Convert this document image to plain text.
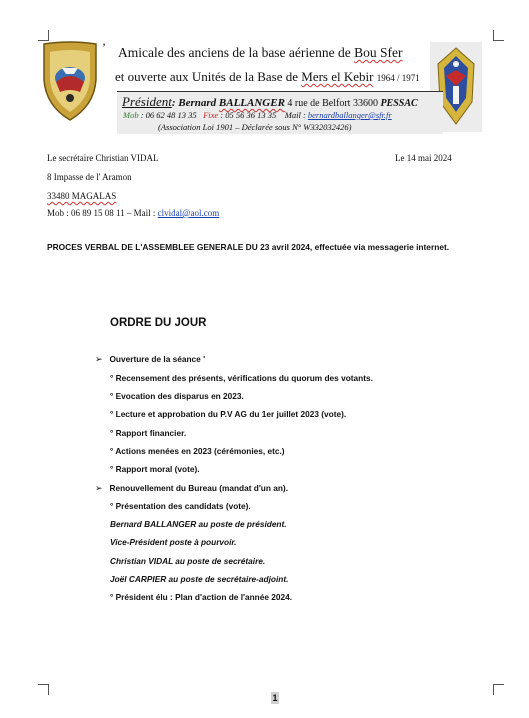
’ Amicale des anciens de la base aérienne de Bou Sfer
et ouverte aux Unités de la Base de Mers el Kebir 1964 / 1971
Président: Bernard BALLANGER 4 rue de Belfort 33600 PESSAC
Mob : 06 62 48 13 35 Fixe : 05 56 36 13 35 Mail : bernardballanger@sfr.fr
(Association Loi 1901 – Déclarée sous N° W332032426)
Le secrétaire Christian VIDAL
8 Impasse de l' Aramon
33480 MAGALAS
Mob : 06 89 15 08 11 – Mail : clvidal@aol.com
Le 14 mai 2024
PROCES VERBAL DE L'ASSEMBLEE GENERALE DU 23 avril 2024, effectuée via messagerie internet.
ORDRE DU JOUR
➢ Ouverture de la séance '
° Recensement des présents, vérifications du quorum des votants.
° Evocation des disparus en 2023.
° Lecture et approbation du P.V AG du 1er juillet 2023 (vote).
° Rapport financier.
° Actions menées en 2023 (cérémonies, etc.)
° Rapport moral (vote).
➢ Renouvellement du Bureau (mandat d'un an).
° Présentation des candidats (vote).
Bernard BALLANGER au poste de président.
Vice-Président poste à pourvoir.
Christian VIDAL au poste de secrétaire.
Joël CARPIER au poste de secrétaire-adjoint.
° Président élu : Plan d'action de l'année 2024.
1
